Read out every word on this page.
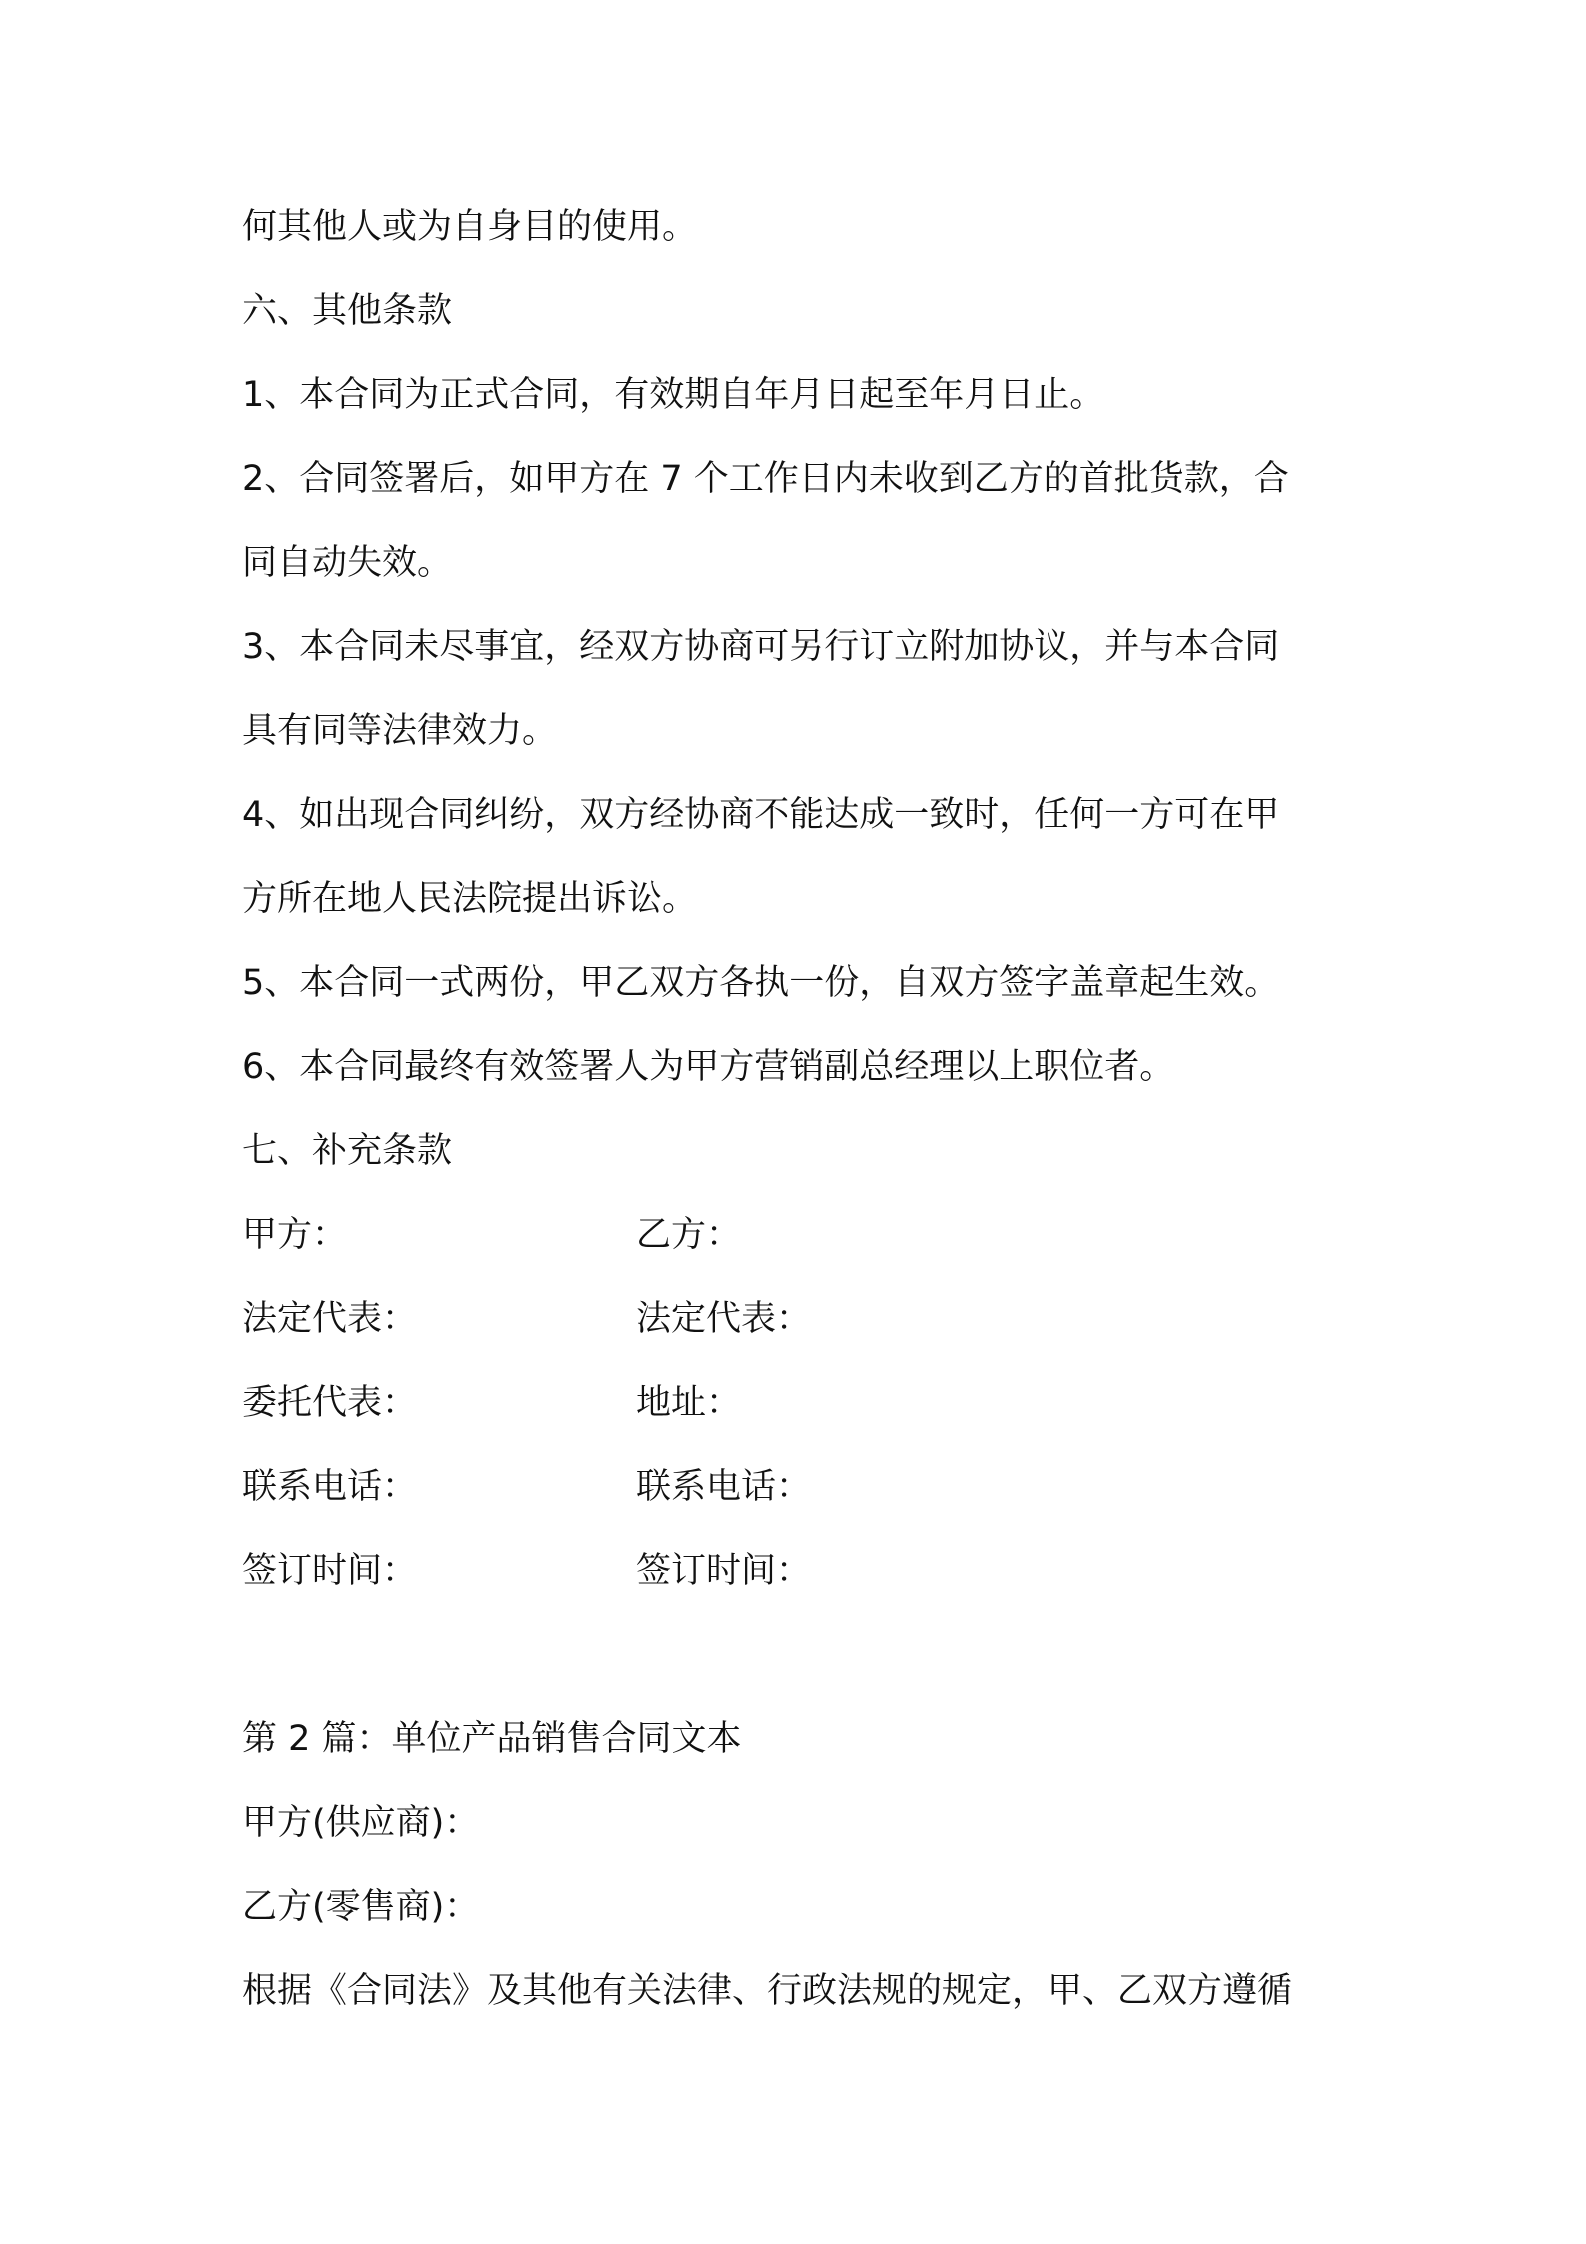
何其他人或为自身目的使用。
六、其他条款
1、本合同为正式合同，有效期自年月日起至年月日止。
2、合同签署后，如甲方在 7 个工作日内未收到乙方的首批货款，合
同自动失效。
3、本合同未尽事宜，经双方协商可另行订立附加协议，并与本合同
具有同等法律效力。
4、如出现合同纠纷，双方经协商不能达成一致时，任何一方可在甲
方所在地人民法院提出诉讼。
5、本合同一式两份，甲乙双方各执一份，自双方签字盖章起生效。
6、本合同最终有效签署人为甲方营销副总经理以上职位者。
七、补充条款
甲方：	乙方：
法定代表：	法定代表：
委托代表：	地址：
联系电话：	联系电话：
签订时间：	签订时间：
第 2 篇：单位产品销售合同文本
甲方(供应商)：
乙方(零售商)：
根据《合同法》及其他有关法律、行政法规的规定，甲、乙双方遵循
